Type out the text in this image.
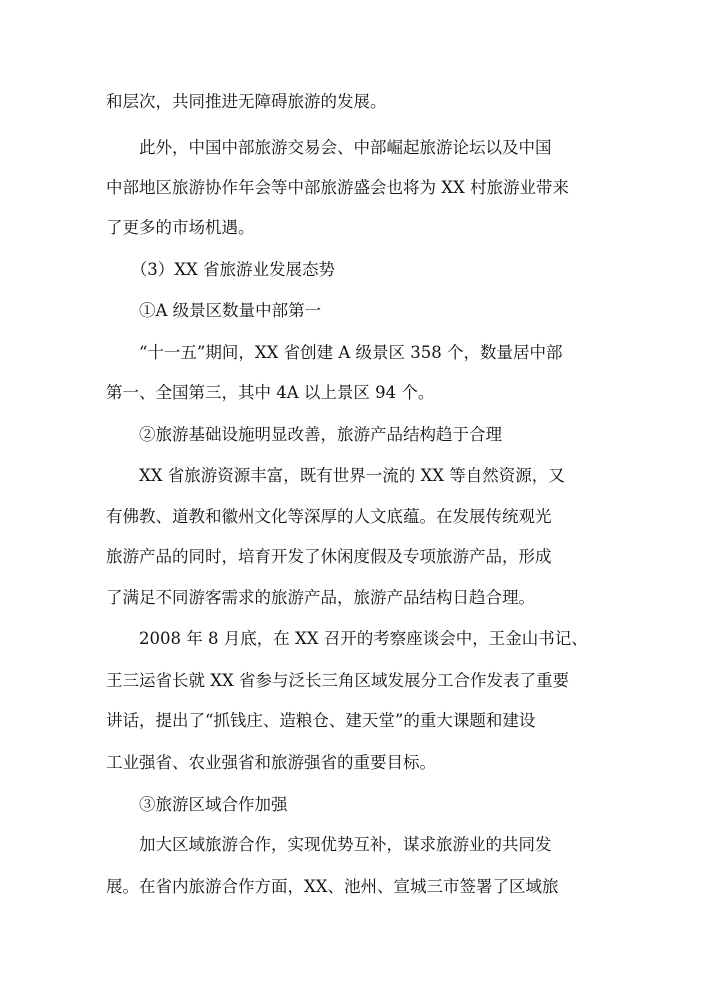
和层次，共同推进无障碍旅游的发展。
　　此外，中国中部旅游交易会、中部崛起旅游论坛以及中国
中部地区旅游协作年会等中部旅游盛会也将为 XX 村旅游业带来
了更多的市场机遇。
　　（3）XX 省旅游业发展态势
　　①A 级景区数量中部第一
　　“十一五”期间，XX 省创建 A 级景区 358 个，数量居中部
第一、全国第三，其中 4A 以上景区 94 个。
　　②旅游基础设施明显改善，旅游产品结构趋于合理
　　XX 省旅游资源丰富，既有世界一流的 XX 等自然资源，又
有佛教、道教和徽州文化等深厚的人文底蕴。在发展传统观光
旅游产品的同时，培育开发了休闲度假及专项旅游产品，形成
了满足不同游客需求的旅游产品，旅游产品结构日趋合理。
　　2008 年 8 月底，在 XX 召开的考察座谈会中，王金山书记、
王三运省长就 XX 省参与泛长三角区域发展分工合作发表了重要
讲话，提出了“抓钱庄、造粮仓、建天堂”的重大课题和建设
工业强省、农业强省和旅游强省的重要目标。
　　③旅游区域合作加强
　　加大区域旅游合作，实现优势互补，谋求旅游业的共同发
展。在省内旅游合作方面，XX、池州、宣城三市签署了区域旅
